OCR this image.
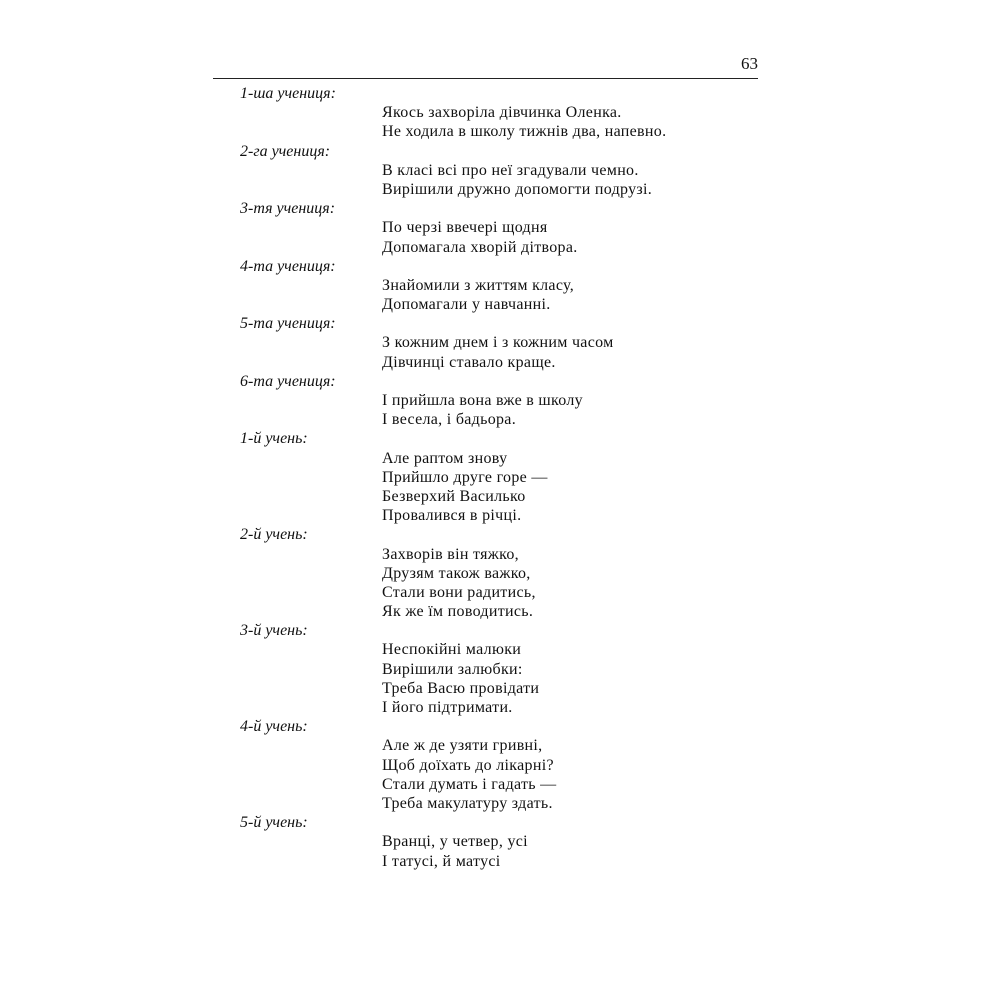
63
1-ша учениця:
Якось захворіла дівчинка Оленка.
Не ходила в школу тижнів два, напевно.
2-га учениця:
В класі всі про неї згадували чемно.
Вирішили дружно допомогти подрузі.
3-тя учениця:
По черзі ввечері щодня
Допомагала хворій дітвора.
4-та учениця:
Знайомили з життям класу,
Допомагали у навчанні.
5-та учениця:
З кожним днем і з кожним часом
Дівчинці ставало краще.
6-та учениця:
І прийшла вона вже в школу
І весела, і бадьора.
1-й учень:
Але раптом знову
Прийшло друге горе —
Безверхий Василько
Провалився в річці.
2-й учень:
Захворів він тяжко,
Друзям також важко,
Стали вони радитись,
Як же їм поводитись.
3-й учень:
Неспокійні малюки
Вирішили залюбки:
Треба Васю провідати
І його підтримати.
4-й учень:
Але ж де узяти гривні,
Щоб доїхать до лікарні?
Стали думать і гадать —
Треба макулатуру здать.
5-й учень:
Вранці, у четвер, усі
І татусі, й матусі
